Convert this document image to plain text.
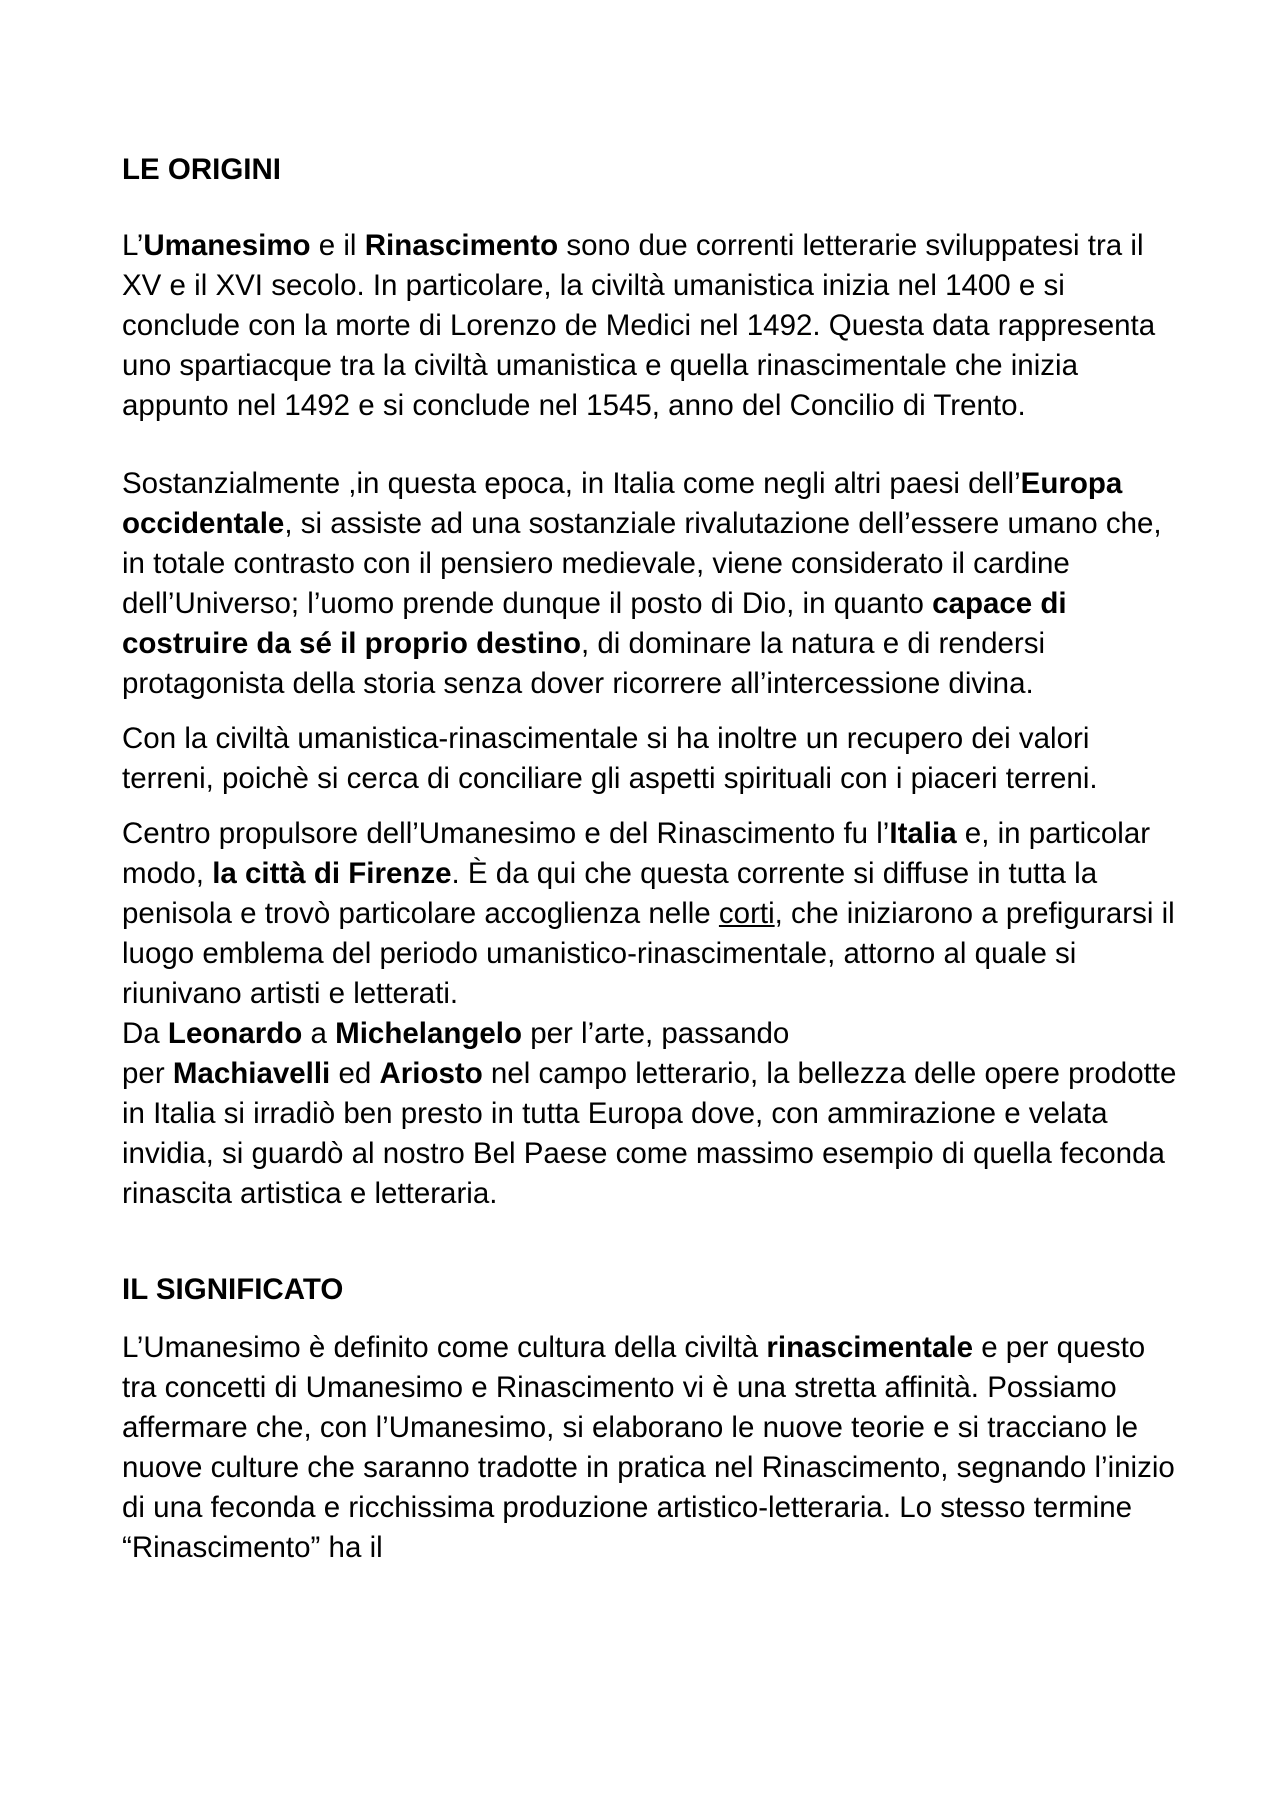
LE ORIGINI

L’Umanesimo e il Rinascimento sono due correnti letterarie sviluppatesi tra il XV e il XVI secolo. In particolare, la civiltà umanistica inizia nel 1400 e si conclude con la morte di Lorenzo de Medici nel 1492. Questa data rappresenta uno spartiacque tra la civiltà umanistica e quella rinascimentale che inizia appunto nel 1492 e si conclude nel 1545, anno del Concilio di Trento.

Sostanzialmente ,in questa epoca, in Italia come negli altri paesi dell’Europa occidentale, si assiste ad una sostanziale rivalutazione dell’essere umano che, in totale contrasto con il pensiero medievale, viene considerato il cardine dell’Universo; l’uomo prende dunque il posto di Dio, in quanto capace di costruire da sé il proprio destino, di dominare la natura e di rendersi protagonista della storia senza dover ricorrere all’intercessione divina.

Con la civiltà umanistica-rinascimentale si ha inoltre un recupero dei valori terreni, poichè si cerca di conciliare gli aspetti spirituali con i piaceri terreni.

Centro propulsore dell’Umanesimo e del Rinascimento fu l’Italia e, in particolar modo, la città di Firenze. È da qui che questa corrente si diffuse in tutta la penisola e trovò particolare accoglienza nelle corti, che iniziarono a prefigurarsi il luogo emblema del periodo umanistico-rinascimentale, attorno al quale si riunivano artisti e letterati.

Da Leonardo a Michelangelo per l’arte, passando
per Machiavelli ed Ariosto nel campo letterario, la bellezza delle opere prodotte in Italia si irradiò ben presto in tutta Europa dove, con ammirazione e velata invidia, si guardò al nostro Bel Paese come massimo esempio di quella feconda rinascita artistica e letteraria.

IL SIGNIFICATO

L’Umanesimo è definito come cultura della civiltà rinascimentale e per questo tra concetti di Umanesimo e Rinascimento vi è una stretta affinità. Possiamo affermare che, con l’Umanesimo, si elaborano le nuove teorie e si tracciano le nuove culture che saranno tradotte in pratica nel Rinascimento, segnando l’inizio di una feconda e ricchissima produzione artistico-letteraria. Lo stesso termine “Rinascimento” ha il
